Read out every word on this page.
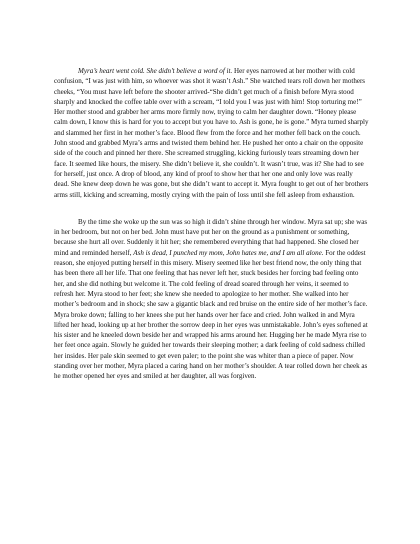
Myra’s heart went cold. She didn’t believe a word of it. Her eyes narrowed at her mother with cold confusion, “I was just with him, so whoever was shot it wasn’t Ash.” She watched tears roll down her mothers cheeks, “You must have left before the shooter arrived-“She didn’t get much of a finish before Myra stood sharply and knocked the coffee table over with a scream, “I told you I was just with him! Stop torturing me!” Her mother stood and grabber her arms more firmly now, trying to calm her daughter down. “Honey please calm down, I know this is hard for you to accept but you have to. Ash is gone, he is gone.” Myra turned sharply and slammed her first in her mother’s face. Blood flew from the force and her mother fell back on the couch. John stood and grabbed Myra’s arms and twisted them behind her. He pushed her onto a chair on the opposite side of the couch and pinned her there. She screamed struggling, kicking furiously tears streaming down her face. It seemed like hours, the misery. She didn’t believe it, she couldn’t. It wasn’t true, was it? She had to see for herself, just once. A drop of blood, any kind of proof to show her that her one and only love was really dead. She knew deep down he was gone, but she didn’t want to accept it. Myra fought to get out of her brothers arms still, kicking and screaming, mostly crying with the pain of loss until she fell asleep from exhaustion.

By the time she woke up the sun was so high it didn’t shine through her window. Myra sat up; she was in her bedroom, but not on her bed. John must have put her on the ground as a punishment or something, because she hurt all over. Suddenly it hit her; she remembered everything that had happened. She closed her mind and reminded herself, Ash is dead, I punched my mom, John hates me, and I am all alone. For the oddest reason, she enjoyed putting herself in this misery. Misery seemed like her best friend now, the only thing that has been there all her life. That one feeling that has never left her, stuck besides her forcing bad feeling onto her, and she did nothing but welcome it. The cold feeling of dread soared through her veins, it seemed to refresh her. Myra stood to her feet; she knew she needed to apologize to her mother. She walked into her mother’s bedroom and in shock; she saw a gigantic black and red bruise on the entire side of her mother’s face. Myra broke down; falling to her knees she put her hands over her face and cried. John walked in and Myra lifted her head, looking up at her brother the sorrow deep in her eyes was unmistakable. John’s eyes softened at his sister and he kneeled down beside her and wrapped his arms around her. Hugging her he made Myra rise to her feet once again. Slowly he guided her towards their sleeping mother; a dark feeling of cold sadness chilled her insides. Her pale skin seemed to get even paler; to the point she was whiter than a piece of paper. Now standing over her mother, Myra placed a caring hand on her mother’s shoulder. A tear rolled down her cheek as he mother opened her eyes and smiled at her daughter, all was forgiven.
